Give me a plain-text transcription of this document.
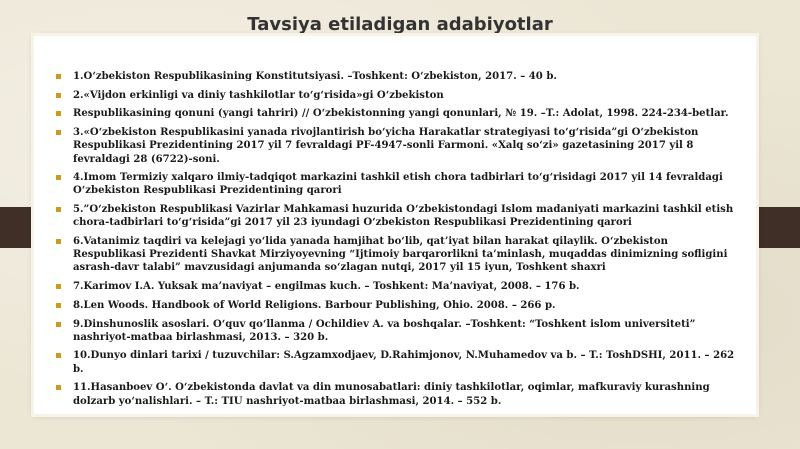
Tavsiya etiladigan adabiyotlar
1.O‘zbekiston Respublikasining Konstitutsiyasi. –Toshkent: O‘zbekiston, 2017. – 40 b.
2.«Vijdon erkinligi va diniy tashkilotlar to‘g‘risida»gi O‘zbekiston
Respublikasining qonuni (yangi tahriri) // O‘zbekistonning yangi qonunlari, № 19. –T.: Adolat, 1998. 224-234-betlar.
3.«O‘zbekiston Respublikasini yanada rivojlantirish bo‘yicha Harakatlar strategiyasi to‘g‘risida”gi O‘zbekiston Respublikasi Prezidentining 2017 yil 7 fevraldagi PF-4947-sonli Farmoni. «Xalq so‘zi» gazetasining 2017 yil 8 fevraldagi 28 (6722)-soni.
4.Imom Termiziy xalqaro ilmiy-tadqiqot markazini tashkil etish chora tadbirlari to‘g‘risidagi 2017 yil 14 fevraldagi O‘zbekiston Respublikasi Prezidentining qarori
5.”O‘zbekiston Respublikasi Vazirlar Mahkamasi huzurida O‘zbekistondagi Islom madaniyati markazini tashkil etish chora-tadbirlari to‘g‘risida”gi 2017 yil 23 iyundagi O‘zbekiston Respublikasi Prezidentining qarori
6.Vatanimiz taqdiri va kelejagi yo‘lida yanada hamjihat bo‘lib, qat’iyat bilan harakat qilaylik. O‘zbekiston Respublikasi Prezidenti Shavkat Mirziyoyevning “Ijtimoiy barqarorlikni ta’minlash, muqaddas dinimizning sofligini asrash-davr talabi” mavzusidagi anjumanda so‘zlagan nutqi, 2017 yil 15 iyun, Toshkent shaxri
7.Karimov I.A. Yuksak ma’naviyat – engilmas kuch. – Toshkent: Ma’naviyat, 2008. – 176 b.
8.Len Woods. Handbook of World Religions. Barbour Publishing, Ohio. 2008. – 266 p.
9.Dinshunoslik asoslari. O‘quv qo‘llanma / Ochildiev A. va boshqalar. –Toshkent: “Toshkent islom universiteti” nashriyot-matbaa birlashmasi, 2013. – 320 b.
10.Dunyo dinlari tarixi / tuzuvchilar: S.Agzamxodjaev, D.Rahimjonov, N.Muhamedov va b. – T.: ToshDSHI, 2011. – 262 b.
11.Hasanboev O‘. O‘zbekistonda davlat va din munosabatlari: diniy tashkilotlar, oqimlar, mafkuraviy kurashning dolzarb yo‘nalishlari. – T.: TIU nashriyot-matbaa birlashmasi, 2014. – 552 b.
